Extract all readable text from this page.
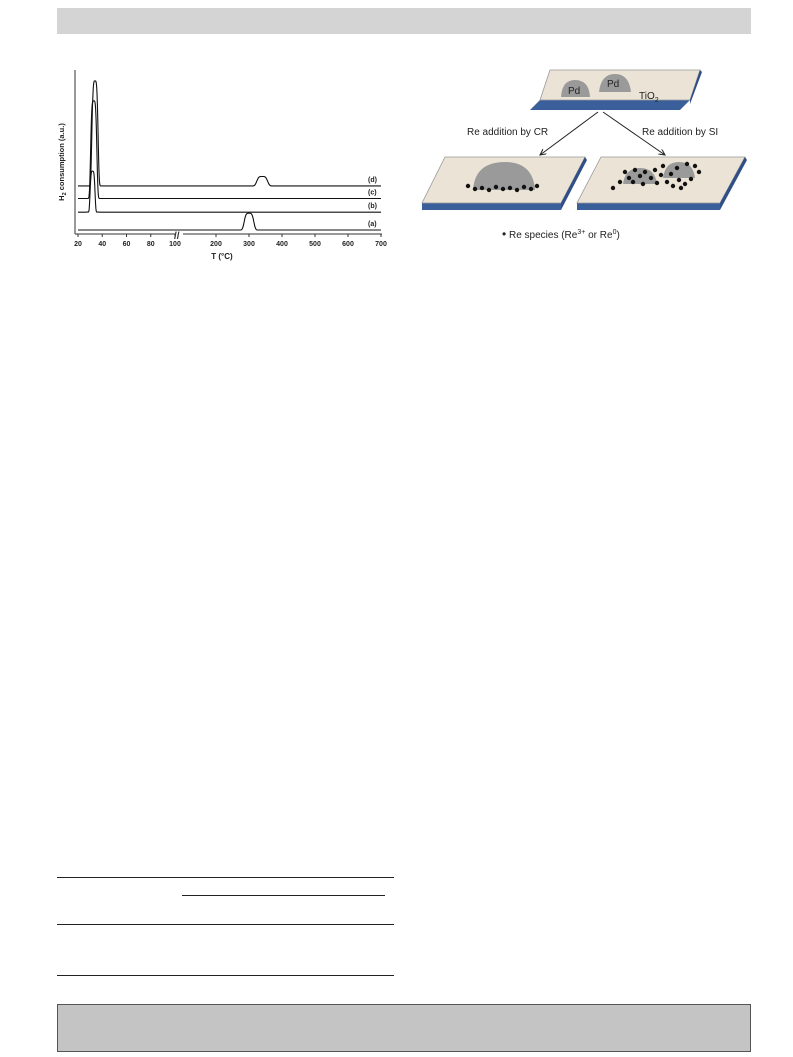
//
20 40 60 80 100	200	300	400	500	600	700
(a)
(b)
(c)
(d)
T (°C)
$H_2$ consumption (a.u.)
Pd
Pd
TiO$_2$
Re addition by CR	Re addition by SI
• Re species ($Re^{3+}$ or Re$^0$)
